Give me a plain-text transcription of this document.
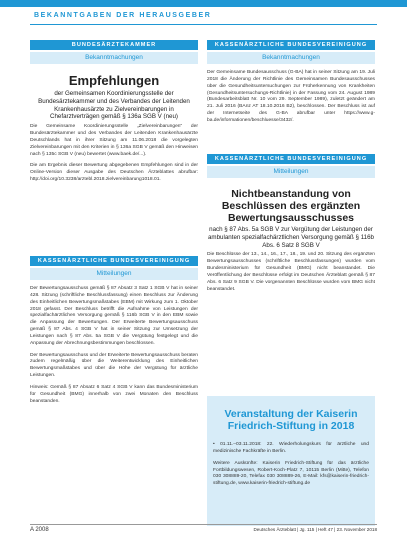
BEKANNTGABEN DER HERAUSGEBER
BUNDESÄRZTEKAMMER
Bekanntmachungen
Empfehlungen
der Gemeinsamen Koordinierungsstelle der Bundesärztekammer und des Verbandes der Leitenden Krankenhausärzte zu Zielvereinbarungen in Chefarztverträgen gemäß § 136a SGB V (neu)

Die Gemeinsame Koordinierungsstelle „Zielvereinbarungen“ der Bundesärztekammer und des Verbandes der Leitenden Krankenhausärzte Deutschlands hat in ihrer Sitzung am 11.06.2018 die vorgelegten Zielvereinbarungen mit den Kriterien in § 136a SGB V gemäß den Hinweisen nach § 135c SGB V (neu) bewertet (www.baek.de/...).

Die am Ergebnis dieser Bewertung abgegebenen Empfehlungen sind in der Online-Version dieser Ausgabe des Deutschen Ärzteblattes abrufbar: http://doi.org/10.3238/arztebl.2018.zielvereinbarung1018.01.

KASSENÄRZTLICHE BUNDESVEREINIGUNG
Mitteilungen

Der Bewertungsausschuss gemäß § 87 Absatz 3 Satz 1 SGB V hat in seiner 428. Sitzung (schriftliche Beschlussfassung) einen Beschluss zur Änderung des Einheitlichen Bewertungsmaßstabes (EBM) mit Wirkung zum 1. Oktober 2018 gefasst. Der Beschluss betrifft die Aufnahme von Leistungen der spezialfachärztlichen Versorgung gemäß § 116b SGB V in den EBM sowie die Anpassung der Bewertungen. Der Erweiterte Bewertungsausschuss gemäß § 87 Abs. 4 SGB V hat in seiner Sitzung zur Umsetzung der Leistungen nach § 87 Abs. 5a SGB V die Vergütung festgelegt und die Anpassung der Abrechnungsbestimmungen beschlossen.

Der Bewertungsausschuss und der Erweiterte Bewertungsausschuss beraten zudem regelmäßig über die Weiterentwicklung des Einheitlichen Bewertungsmaßstabes und über die Höhe der Vergütung für ärztliche Leistungen.

Hinweis: Gemäß § 87 Absatz 6 Satz 4 SGB V kann das Bundesministerium für Gesundheit (BMG) innerhalb von zwei Monaten den Beschluss beanstanden.

KASSENÄRZTLICHE BUNDESVEREINIGUNG
Bekanntmachungen

Der Gemeinsame Bundesausschuss (G-BA) hat in seiner Sitzung am 19. Juli 2018 die Änderung der Richtlinie des Gemeinsamen Bundesausschusses über die Gesundheitsuntersuchungen zur Früherkennung von Krankheiten (Gesundheitsuntersuchungs-Richtlinie) in der Fassung vom 24. August 1989 (Bundesarbeitsblatt Nr. 10 vom 29. September 1989), zuletzt geändert am 21. Juli 2016 (BAnz AT 18.10.2016 B2), beschlossen. Der Beschluss ist auf der Internetseite des G-BA abrufbar unter https://www.g-ba.de/informationen/beschluesse/3432/.

KASSENÄRZTLICHE BUNDESVEREINIGUNG
Mitteilungen
Nichtbeanstandung von Beschlüssen des ergänzten Bewertungsausschusses
nach § 87 Abs. 5a SGB V zur Vergütung der Leistungen der ambulanten spezialfachärztlichen Versorgung gemäß § 116b Abs. 6 Satz 8 SGB V

Die Beschlüsse der 13., 14., 16., 17., 18., 19. und 20. Sitzung des ergänzten Bewertungsausschusses (schriftliche Beschlussfassungen) wurden vom Bundesministerium für Gesundheit (BMG) nicht beanstandet. Die Veröffentlichung der Beschlüsse erfolgt im Deutschen Ärzteblatt gemäß § 87 Abs. 6 Satz 9 SGB V. Die vorgenannten Beschlüsse wurden vom BMG nicht beanstandet.

Veranstaltung der Kaiserin Friedrich-Stiftung in 2018

• 01.11.–03.11.2018: 22. Wiederholungskurs für ärztliche und medizinische Fachkräfte in Berlin.

Weitere Auskünfte: Kaiserin Friedrich-Stiftung für das ärztliche Fortbildungswesen, Robert-Koch-Platz 7, 10115 Berlin (Mitte), Telefon 030 308889-20, Telefax 030 308889-26, E-Mail: kfs@kaiserin-friedrich-stiftung.de, www.kaiserin-friedrich-stiftung.de

A 2008	Deutsches Ärzteblatt | Jg. 115 | Heft 47 | 23. November 2018
